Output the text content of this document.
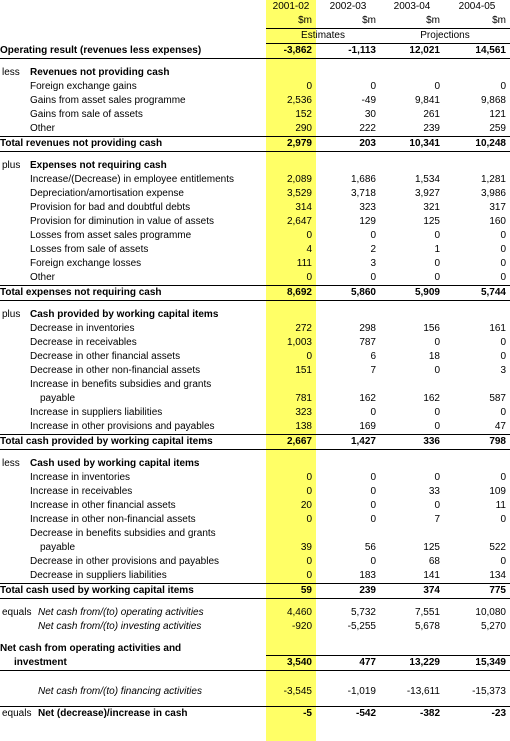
	2001-02	2002-03	2003-04	2004-05
	$m	$m	$m	$m
	Estimates		Projections	
Operating result (revenues less expenses)	-3,862	-1,113	12,021	14,561

less Revenues not providing cash				
Foreign exchange gains	0	0	0	0
Gains from asset sales programme	2,536	-49	9,841	9,868
Gains from sale of assets	152	30	261	121
Other	290	222	239	259
Total revenues not providing cash	2,979	203	10,341	10,248

plus Expenses not requiring cash				
Increase/(Decrease) in employee entitlements	2,089	1,686	1,534	1,281
Depreciation/amortisation expense	3,529	3,718	3,927	3,986
Provision for bad and doubtful debts	314	323	321	317
Provision for diminution in value of assets	2,647	129	125	160
Losses from asset sales programme	0	0	0	0
Losses from sale of assets	4	2	1	0
Foreign exchange losses	111	3	0	0
Other	0	0	0	0
Total expenses not requiring cash	8,692	5,860	5,909	5,744

plus Cash provided by working capital items				
Decrease in inventories	272	298	156	161
Decrease in receivables	1,003	787	0	0
Decrease in other financial assets	0	6	18	0
Decrease in other non-financial assets	151	7	0	3
Increase in benefits subsidies and grants				
payable	781	162	162	587
Increase in suppliers liabilities	323	0	0	0
Increase in other provisions and payables	138	169	0	47
Total cash provided by working capital items	2,667	1,427	336	798

less Cash used by working capital items				
Increase in inventories	0	0	0	0
Increase in receivables	0	0	33	109
Increase in other financial assets	20	0	0	11
Increase in other non-financial assets	0	0	7	0
Decrease in benefits subsidies and grants				
payable	39	56	125	522
Decrease in other provisions and payables	0	0	68	0
Decrease in suppliers liabilities	0	183	141	134
Total cash used by working capital items	59	239	374	775

equals Net cash from/(to) operating activities	4,460	5,732	7,551	10,080
Net cash from/(to) investing activities	-920	-5,255	5,678	5,270

Net cash from operating activities and				
investment	3,540	477	13,229	15,349

Net cash from/(to) financing activities	-3,545	-1,019	-13,611	-15,373

equals Net (decrease)/increase in cash	-5	-542	-382	-23
